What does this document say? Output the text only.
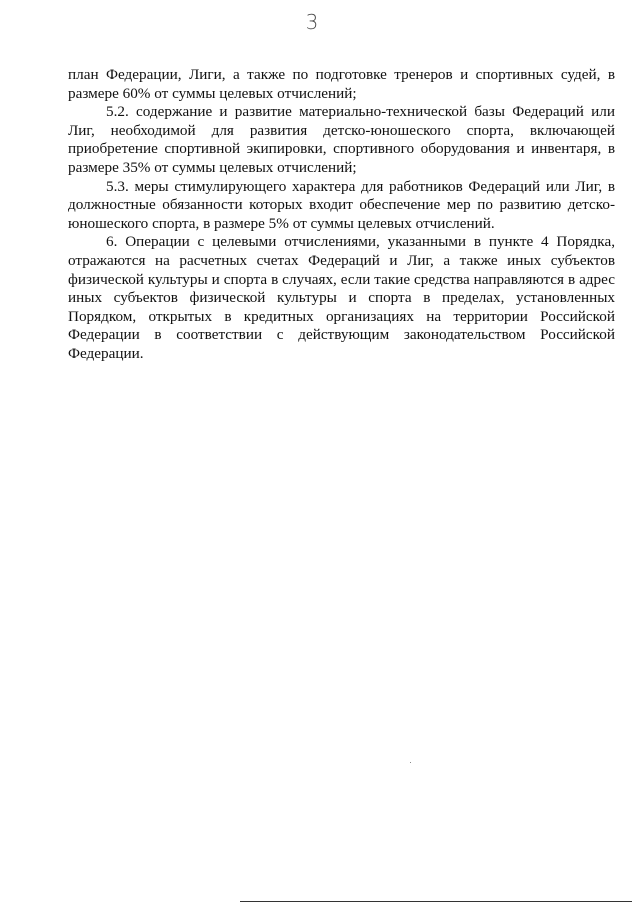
3

план Федерации, Лиги, а также по подготовке тренеров и спортивных судей, в размере 60% от суммы целевых отчислений;

5.2. содержание и развитие материально-технической базы Федераций или Лиг, необходимой для развития детско-юношеского спорта, включающей приобретение спортивной экипировки, спортивного оборудования и инвентаря, в размере 35% от суммы целевых отчислений;

5.3. меры стимулирующего характера для работников Федераций или Лиг, в должностные обязанности которых входит обеспечение мер по развитию детско-юношеского спорта, в размере 5% от суммы целевых отчислений.

6. Операции с целевыми отчислениями, указанными в пункте 4 Порядка, отражаются на расчетных счетах Федераций и Лиг, а также иных субъектов физической культуры и спорта в случаях, если такие средства направляются в адрес иных субъектов физической культуры и спорта в пределах, установленных Порядком, открытых в кредитных организациях на территории Российской Федерации в соответствии с действующим законодательством Российской Федерации.
